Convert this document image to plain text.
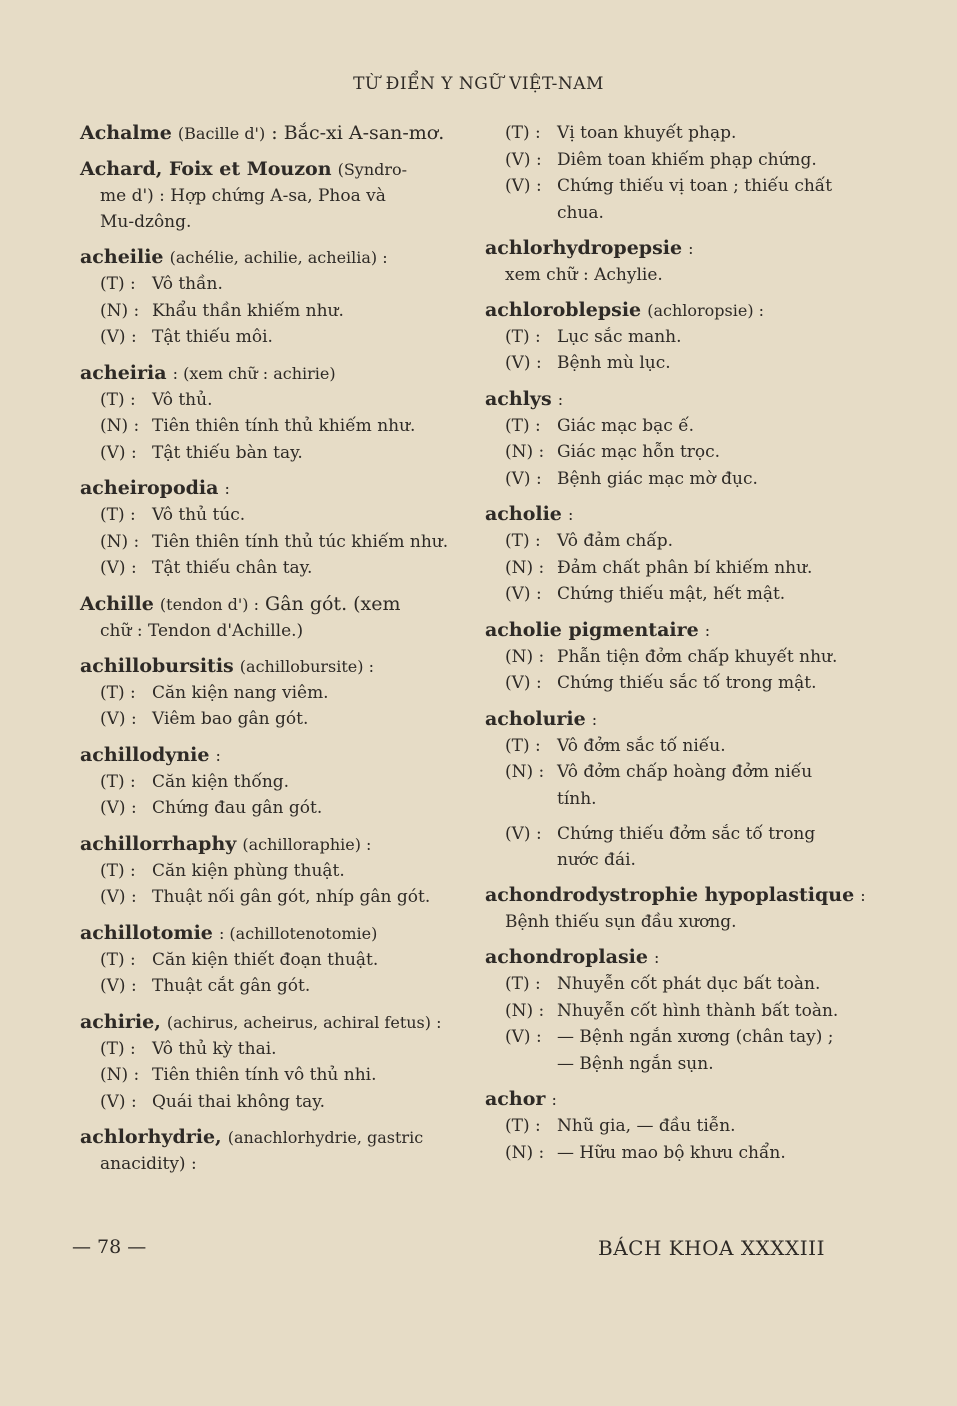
TỪ ĐIỂN Y NGỮ VIỆT-NAM
Achalme (Bacille d') : Bắc-xi A-san-mơ.
Achard, Foix et Mouzon (Syndro-
me d') : Hợp chứng A-sa, Phoa và
Mu-dzông.
acheilie (achélie, achilie, acheilia) :
(T) : Vô thần.
(N) : Khẩu thần khiếm như.
(V) : Tật thiếu môi.
acheiria : (xem chữ : achirie)
(T) : Vô thủ.
(N) : Tiên thiên tính thủ khiếm như.
(V) : Tật thiếu bàn tay.
acheiropodia :
(T) : Vô thủ túc.
(N) : Tiên thiên tính thủ túc khiếm như.
(V) : Tật thiếu chân tay.
Achille (tendon d') : Gân gót. (xem
chữ : Tendon d'Achille.)
achillobursitis (achillobursite) :
(T) : Căn kiện nang viêm.
(V) : Viêm bao gân gót.
achillodynie :
(T) : Căn kiện thống.
(V) : Chứng đau gân gót.
achillorrhaphy (achilloraphie) :
(T) : Căn kiện phùng thuật.
(V) : Thuật nối gân gót, nhíp gân gót.
achillotomie : (achillotenotomie)
(T) : Căn kiện thiết đoạn thuật.
(V) : Thuật cắt gân gót.
achirie, (achirus, acheirus, achiral fetus) :
(T) : Vô thủ kỳ thai.
(N) : Tiên thiên tính vô thủ nhi.
(V) : Quái thai không tay.
achlorhydrie, (anachlorhydrie, gastric
anacidity) :
(T) : Vị toan khuyết phạp.
(V) : Diêm toan khiếm phạp chứng.
(V) : Chứng thiếu vị toan ; thiếu chất
chua.
achlorhydropepsie :
xem chữ : Achylie.
achloroblepsie (achloropsie) :
(T) : Lục sắc manh.
(V) : Bệnh mù lục.
achlys :
(T) : Giác mạc bạc ế.
(N) : Giác mạc hỗn trọc.
(V) : Bệnh giác mạc mờ đục.
acholie :
(T) : Vô đảm chấp.
(N) : Đảm chất phân bí khiếm như.
(V) : Chứng thiếu mật, hết mật.
acholie pigmentaire :
(N) : Phẫn tiện đởm chấp khuyết như.
(V) : Chứng thiếu sắc tố trong mật.
acholurie :
(T) : Vô đởm sắc tố niếu.
(N) : Vô đởm chấp hoàng đởm niếu
tính.
(V) : Chứng thiếu đởm sắc tố trong
nước đái.
achondrodystrophie hypoplastique :
Bệnh thiếu sụn đầu xương.
achondroplasie :
(T) : Nhuyễn cốt phát dục bất toàn.
(N) : Nhuyễn cốt hình thành bất toàn.
(V) : — Bệnh ngắn xương (chân tay) ;
— Bệnh ngắn sụn.
achor :
(T) : Nhũ gia, — đầu tiễn.
(N) : — Hữu mao bộ khưu chẩn.
— 78 —	BÁCH KHOA XXXXIII
